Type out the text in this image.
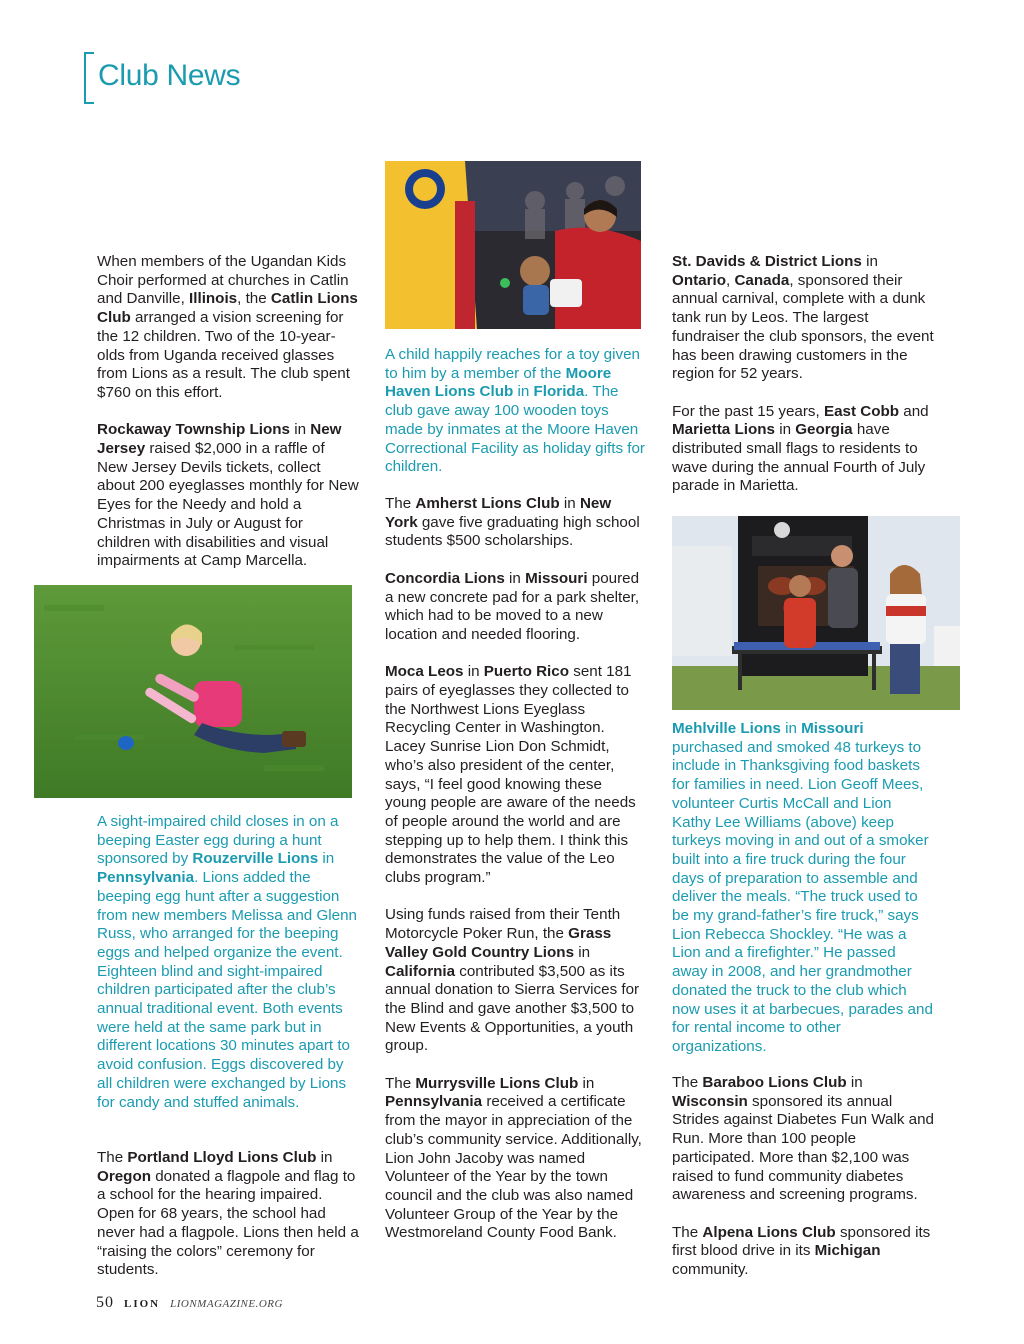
Club News

When members of the Ugandan Kids Choir performed at churches in Catlin and Danville, Illinois, the Catlin Lions Club arranged a vision screening for the 12 children. Two of the 10-year-olds from Uganda received glasses from Lions as a result. The club spent $760 on this effort.

Rockaway Township Lions in New Jersey raised $2,000 in a raffle of New Jersey Devils tickets, collect about 200 eyeglasses monthly for New Eyes for the Needy and hold a Christmas in July or August for children with disabilities and visual impairments at Camp Marcella.

A sight-impaired child closes in on a beeping Easter egg during a hunt sponsored by Rouzerville Lions in Pennsylvania. Lions added the beeping egg hunt after a suggestion from new members Melissa and Glenn Russ, who arranged for the beeping eggs and helped organize the event. Eighteen blind and sight-impaired children participated after the club’s annual traditional event. Both events were held at the same park but in different locations 30 minutes apart to avoid confusion. Eggs discovered by all children were exchanged by Lions for candy and stuffed animals.

The Portland Lloyd Lions Club in Oregon donated a flagpole and flag to a school for the hearing impaired. Open for 68 years, the school had never had a flagpole. Lions then held a “raising the colors” ceremony for students.

A child happily reaches for a toy given to him by a member of the Moore Haven Lions Club in Florida. The club gave away 100 wooden toys made by inmates at the Moore Haven Correctional Facility as holiday gifts for children.

The Amherst Lions Club in New York gave five graduating high school students $500 scholarships.

Concordia Lions in Missouri poured a new concrete pad for a park shelter, which had to be moved to a new location and needed flooring.

Moca Leos in Puerto Rico sent 181 pairs of eyeglasses they collected to the Northwest Lions Eyeglass Recycling Center in Washington. Lacey Sunrise Lion Don Schmidt, who’s also president of the center, says, “I feel good knowing these young people are aware of the needs of people around the world and are stepping up to help them. I think this demonstrates the value of the Leo clubs program.”

Using funds raised from their Tenth Motorcycle Poker Run, the Grass Valley Gold Country Lions in California contributed $3,500 as its annual donation to Sierra Services for the Blind and gave another $3,500 to New Events & Opportunities, a youth group.

The Murrysville Lions Club in Pennsylvania received a certificate from the mayor in appreciation of the club’s community service. Additionally, Lion John Jacoby was named Volunteer of the Year by the town council and the club was also named Volunteer Group of the Year by the Westmoreland County Food Bank.

St. Davids & District Lions in Ontario, Canada, sponsored their annual carnival, complete with a dunk tank run by Leos. The largest fundraiser the club sponsors, the event has been drawing customers in the region for 52 years.

For the past 15 years, East Cobb and Marietta Lions in Georgia have distributed small flags to residents to wave during the annual Fourth of July parade in Marietta.

Mehlville Lions in Missouri purchased and smoked 48 turkeys to include in Thanksgiving food baskets for families in need. Lion Geoff Mees, volunteer Curtis McCall and Lion Kathy Lee Williams (above) keep turkeys moving in and out of a smoker built into a fire truck during the four days of preparation to assemble and deliver the meals. “The truck used to be my grand-father’s fire truck,” says Lion Rebecca Shockley. “He was a Lion and a firefighter.” He passed away in 2008, and her grandmother donated the truck to the club which now uses it at barbecues, parades and for rental income to other organizations.

The Baraboo Lions Club in Wisconsin sponsored its annual Strides against Diabetes Fun Walk and Run. More than 100 people participated. More than $2,100 was raised to fund community diabetes awareness and screening programs.

The Alpena Lions Club sponsored its first blood drive in its Michigan community.

50 LION LIONMAGAZINE.ORG
